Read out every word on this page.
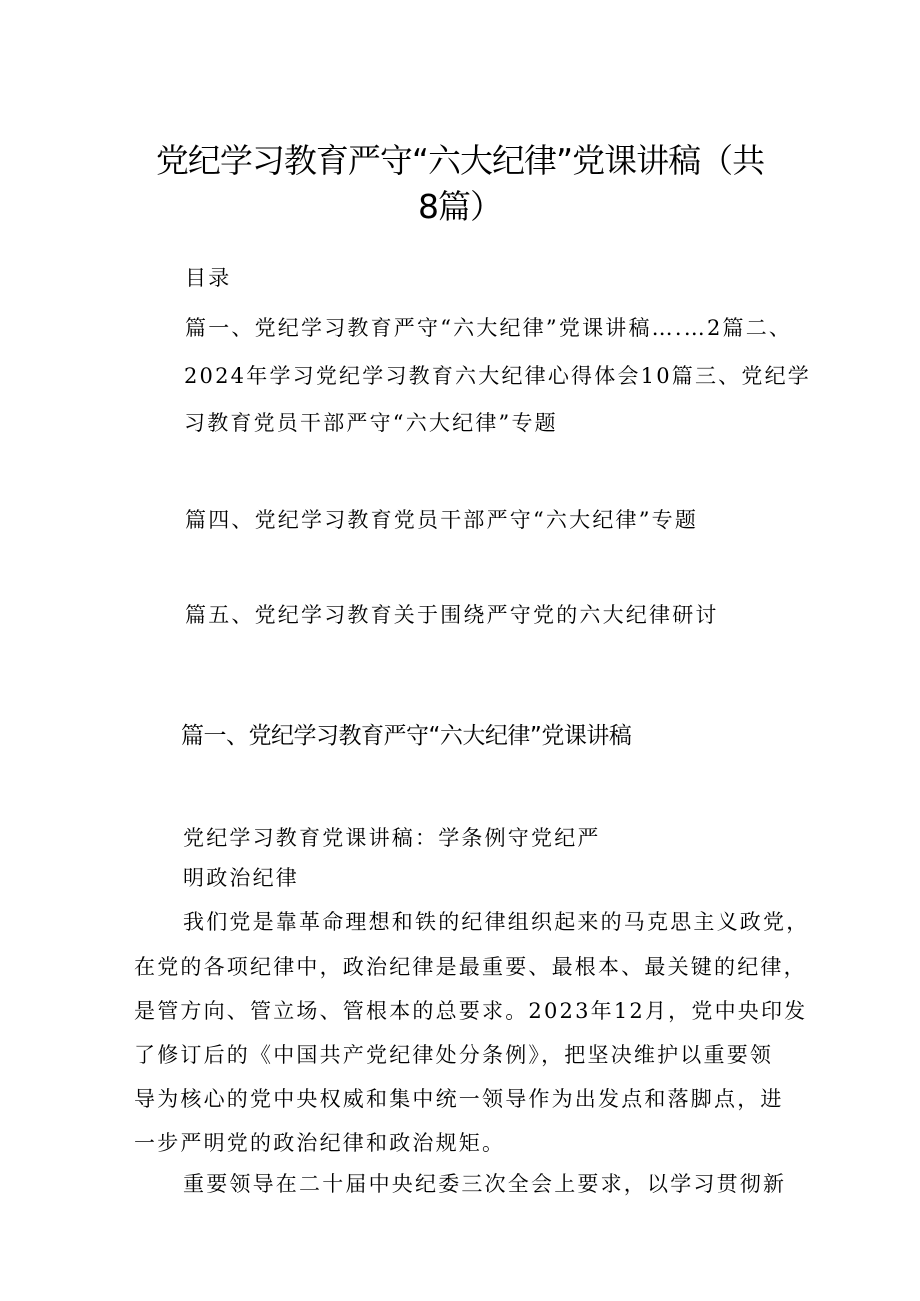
党纪学习教育严守“六大纪律”党课讲稿（共
8篇）
目录
篇一、党纪学习教育严守“六大纪律”党课讲稿….…2篇二、
2024年学习党纪学习教育六大纪律心得体会10篇三、党纪学
习教育党员干部严守“六大纪律”专题
篇四、党纪学习教育党员干部严守“六大纪律”专题
篇五、党纪学习教育关于围绕严守党的六大纪律研讨
篇一、党纪学习教育严守“六大纪律”党课讲稿
党纪学习教育党课讲稿：学条例守党纪严
明政治纪律
我们党是靠革命理想和铁的纪律组织起来的马克思主义政党，
在党的各项纪律中，政治纪律是最重要、最根本、最关键的纪律，
是管方向、管立场、管根本的总要求。2023年12月，党中央印发
了修订后的《中国共产党纪律处分条例》，把坚决维护以重要领
导为核心的党中央权威和集中统一领导作为出发点和落脚点，进
一步严明党的政治纪律和政治规矩。
重要领导在二十届中央纪委三次全会上要求，以学习贯彻新
